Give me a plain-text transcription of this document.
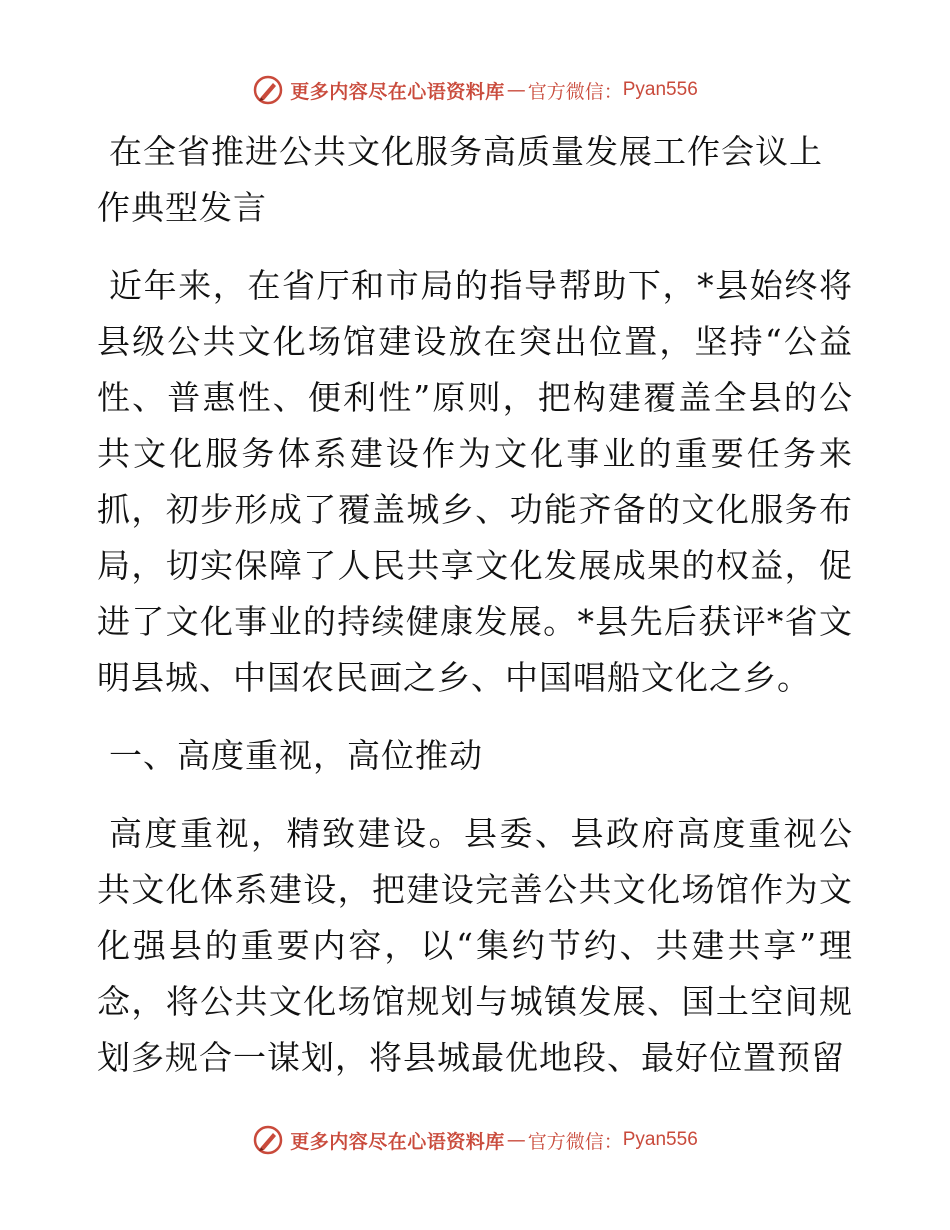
更多内容尽在心语资料库 — 官方微信： Pyan556
在全省推进公共文化服务高质量发展工作会议上作典型发言

近年来，在省厅和市局的指导帮助下，*县始终将县级公共文化场馆建设放在突出位置，坚持“公益性、普惠性、便利性”原则，把构建覆盖全县的公共文化服务体系建设作为文化事业的重要任务来抓，初步形成了覆盖城乡、功能齐备的文化服务布局，切实保障了人民共享文化发展成果的权益，促进了文化事业的持续健康发展。*县先后获评*省文明县城、中国农民画之乡、中国唱船文化之乡。

一、高度重视，高位推动

高度重视，精致建设。县委、县政府高度重视公共文化体系建设，把建设完善公共文化场馆作为文化强县的重要内容，以“集约节约、共建共享”理念，将公共文化场馆规划与城镇发展、国土空间规划多规合一谋划，将县城最优地段、最好位置预留

更多内容尽在心语资料库 — 官方微信： Pyan556
